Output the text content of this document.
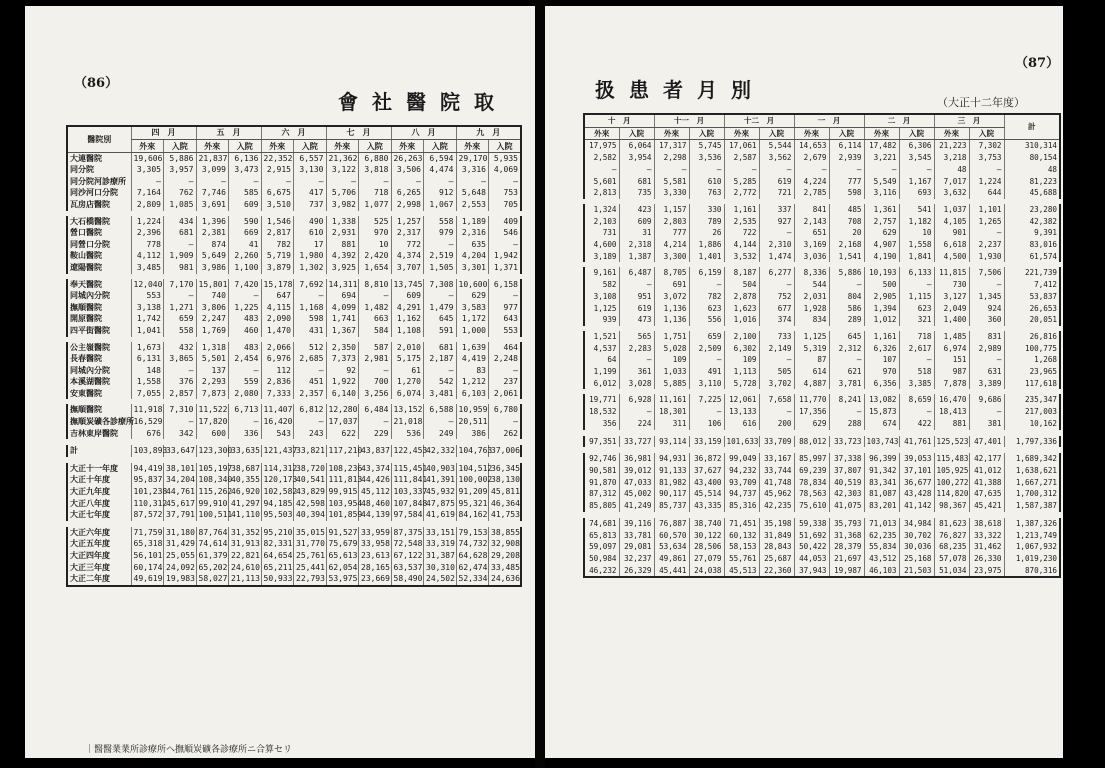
（86）
會社醫院取
醫院別	四　 月		五　 月		六　 月		七　 月		八　 月		九　 月	
	外來	入院	外來	入院	外來	入院	外來	入院	外來	入院	外來	入院
大連醫院	19,606	5,886	21,837	6,136	22,352	6,557	21,362	6,880	26,263	6,594	29,170	5,935
同分院	3,305	3,957	3,099	3,473	2,915	3,130	3,122	3,818	3,506	4,474	3,316	4,069
同分院河診療所	—	—	—	—	—	—	—	—	—	—	—	—
同沙河口分院	7,164	762	7,746	585	6,675	417	5,706	718	6,265	912	5,648	753
瓦房店醫院	2,809	1,085	3,691	609	3,510	737	3,982	1,077	2,998	1,067	2,553	705
大石橋醫院	1,224	434	1,396	590	1,546	490	1,338	525	1,257	558	1,189	409
營口醫院	2,396	681	2,381	669	2,817	610	2,931	970	2,317	979	2,316	546
同營口分院	778	—	874	41	782	17	881	10	772	—	635	—
鞍山醫院	4,112	1,909	5,649	2,260	5,719	1,980	4,392	2,420	4,374	2,519	4,204	1,942
遼陽醫院	3,485	981	3,986	1,100	3,879	1,302	3,925	1,654	3,707	1,505	3,301	1,371
奉天醫院	12,040	7,170	15,801	7,420	15,178	7,692	14,311	8,810	13,745	7,308	10,600	6,158
同城內分院	553	—	740	—	647	—	694	—	609	—	629	—
撫順醫院	3,138	1,271	3,806	1,225	4,115	1,168	4,099	1,482	4,291	1,479	3,583	977
開原醫院	1,742	659	2,247	483	2,090	598	1,741	663	1,162	645	1,172	643
四平街醫院	1,041	558	1,769	460	1,470	431	1,367	584	1,108	591	1,000	553
公主嶺醫院	1,673	432	1,318	483	2,066	512	2,350	587	2,010	681	1,639	464
長春醫院	6,131	3,865	5,501	2,454	6,976	2,685	7,373	2,981	5,175	2,187	4,419	2,248
同城內分院	148	—	137	—	112	—	92	—	61	—	83	—
本溪湖醫院	1,558	376	2,293	559	2,836	451	1,922	700	1,270	542	1,212	237
安東醫院	7,055	2,857	7,873	2,080	7,333	2,357	6,140	3,256	6,074	3,481	6,103	2,061
撫順醫院	11,918	7,310	11,522	6,713	11,407	6,812	12,280	6,484	13,152	6,588	10,959	6,780
撫順炭礦各診療所	16,529	—	17,820	—	16,420	—	17,037	—	21,018	—	20,511	—
吉林東岸醫院	676	342	600	336	543	243	622	229	536	249	386	262
計	103,893	33,647	123,300	33,635	121,437	33,821	117,210	43,837	122,453	42,332	104,763	37,006
大正十一年度	94,419	38,101	105,197	38,687	114,312	38,720	108,236	43,374	115,451	40,903	104,512	36,345
大正十年度	95,837	34,204	108,340	40,355	120,173	40,541	111,813	44,426	111,841	41,391	100,002	38,130
大正九年度	101,238	44,761	115,262	46,920	102,582	43,829	99,915	45,112	103,337	45,932	91,209	45,811
大正八年度	110,312	45,617	99,910	41,297	94,185	42,598	103,954	48,460	107,848	47,875	95,321	46,364
大正七年度	87,572	37,791	100,511	41,110	95,503	40,394	101,859	44,139	97,584	41,619	84,162	41,753
大正六年度	71,759	31,180	87,764	31,352	95,210	35,015	91,527	33,959	87,375	33,151	79,153	38,855
大正五年度	65,318	31,429	74,614	31,913	82,331	31,770	75,679	33,958	72,548	33,319	74,732	32,908
大正四年度	56,101	25,055	61,379	22,821	64,654	25,761	65,613	23,613	67,122	31,387	64,628	29,208
大正三年度	60,174	24,092	65,202	24,610	65,211	25,441	62,054	28,165	63,537	30,310	62,474	33,485
大正二年度	49,619	19,983	58,027	21,113	50,933	22,793	53,975	23,669	58,490	24,502	52,334	24,636
｜醫醫業業所診療所ヘ撫順炭礦各診療所ニ合算セリ
（87）
扱患者月別
（大正十二年度）
十　 月		十一　 月		十二　 月		一　 月		二　 月		三　 月		計
外來	入院	外來	入院	外來	入院	外來	入院	外來	入院	外來	入院	
17,975	6,064	17,317	5,745	17,061	5,544	14,653	6,114	17,482	6,306	21,223	7,302	310,314
2,582	3,954	2,298	3,536	2,587	3,562	2,679	2,939	3,221	3,545	3,218	3,753	80,154
—	—	—	—	—	—	—	—	—	—	48	—	48
5,601	681	5,581	610	5,285	619	4,224	777	5,549	1,167	7,017	1,224	81,223
2,813	735	3,330	763	2,772	721	2,785	598	3,116	693	3,632	644	45,688
1,324	423	1,157	330	1,161	337	841	485	1,361	541	1,037	1,101	23,280
2,103	609	2,803	789	2,535	927	2,143	708	2,757	1,182	4,105	1,265	42,382
731	31	777	26	722	—	651	20	629	10	901	—	9,391
4,600	2,318	4,214	1,886	4,144	2,310	3,169	2,168	4,907	1,558	6,618	2,237	83,016
3,189	1,387	3,300	1,401	3,532	1,474	3,036	1,541	4,190	1,841	4,500	1,930	61,574
9,161	6,487	8,705	6,159	8,187	6,277	8,336	5,886	10,193	6,133	11,815	7,506	221,739
582	—	691	—	504	—	544	—	500	—	730	—	7,412
3,108	951	3,072	782	2,878	752	2,031	804	2,905	1,115	3,127	1,345	53,837
1,125	619	1,136	623	1,623	677	1,928	586	1,394	623	2,049	924	26,653
939	473	1,136	556	1,016	374	834	289	1,012	321	1,400	360	20,051
1,521	565	1,751	659	2,100	733	1,125	645	1,161	718	1,485	831	26,816
4,537	2,283	5,028	2,509	6,302	2,149	5,319	2,312	6,326	2,617	6,974	2,989	100,775
64	—	109	—	109	—	87	—	107	—	151	—	1,268
1,199	361	1,033	491	1,113	505	614	621	970	518	987	631	23,965
6,012	3,028	5,885	3,110	5,728	3,702	4,887	3,781	6,356	3,385	7,878	3,389	117,618
19,771	6,928	11,161	7,225	12,061	7,658	11,770	8,241	13,082	8,659	16,470	9,686	235,347
18,532	—	18,301	—	13,133	—	17,356	—	15,873	—	18,413	—	217,003
356	224	311	106	616	200	629	288	674	422	881	381	10,162
97,351	33,727	93,114	33,159	101,633	33,709	88,012	33,723	103,743	41,761	125,523	47,401	1,797,336
92,746	36,981	94,931	36,872	99,049	33,167	85,997	37,338	96,399	39,053	115,483	42,177	1,689,342
90,581	39,012	91,133	37,627	94,232	33,744	69,239	37,807	91,342	37,101	105,925	41,012	1,638,621
91,870	47,033	81,982	43,400	93,709	41,748	78,834	40,519	83,341	36,677	100,272	41,388	1,667,271
87,312	45,002	90,117	45,514	94,737	45,962	78,563	42,303	81,087	43,428	114,820	47,635	1,700,312
85,805	41,249	85,737	43,335	85,316	42,235	75,610	41,075	83,201	41,142	98,367	45,421	1,587,387
74,681	39,116	76,887	38,740	71,451	35,198	59,338	35,793	71,013	34,984	81,623	38,618	1,387,326
65,813	33,781	60,570	30,122	60,132	31,849	51,692	31,368	62,235	30,702	76,827	33,322	1,213,749
59,097	29,081	53,634	28,506	58,153	28,843	50,422	28,379	55,834	30,036	68,235	31,462	1,067,932
50,984	32,237	49,861	27,079	55,761	25,687	44,053	21,697	43,512	25,168	57,078	26,330	1,019,230
46,232	26,329	45,441	24,038	45,513	22,360	37,943	19,987	46,103	21,503	51,034	23,975	870,316
